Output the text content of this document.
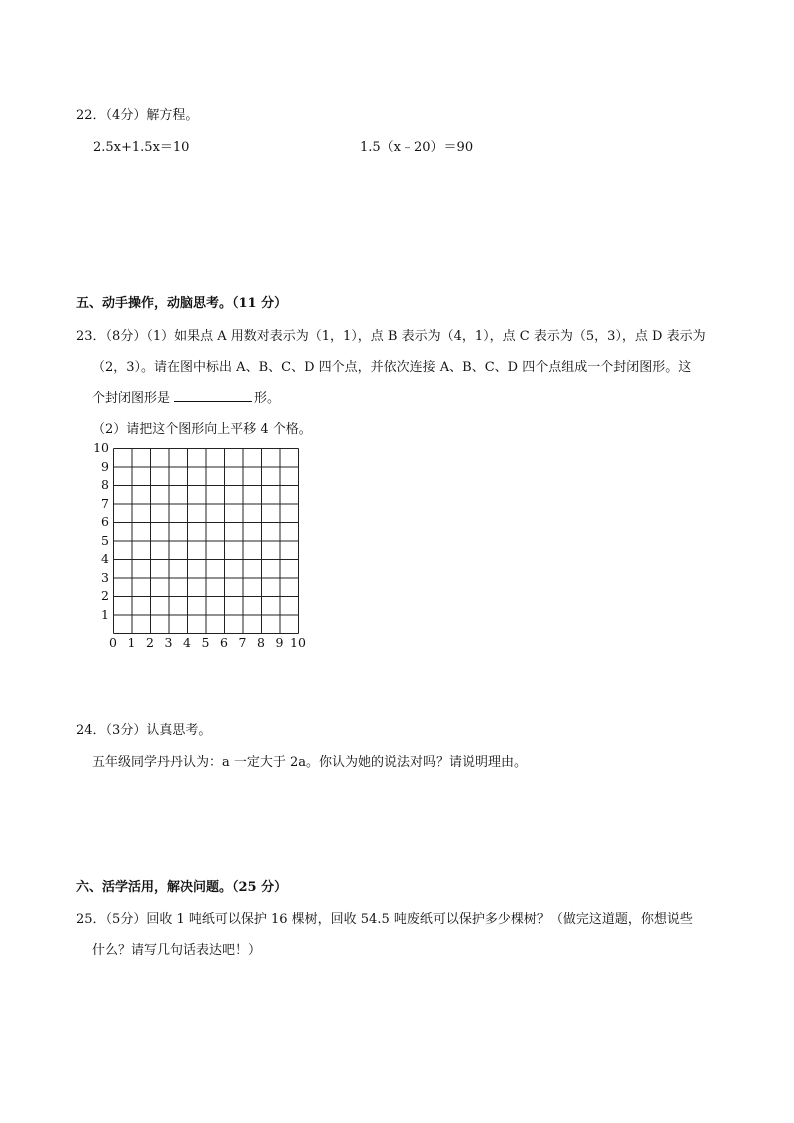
22．（4分）解方程。
2.5x+1.5x＝10	1.5（x﹣20）＝90
五、动手操作，动脑思考。（11 分）
23．（8分）（1）如果点 A 用数对表示为（1，1），点 B 表示为（4，1），点 C 表示为（5，3），点 D 表示为
（2，3）。请在图中标出 A、B、C、D 四个点，并依次连接 A、B、C、D 四个点组成一个封闭图形。这
个封闭图形是	形。
（2）请把这个图形向上平移 4 个格。
10
9
8
7
6
5
4
3
2
1
0 1 2 3 4 5 6 7 8 9 10
24．（3分）认真思考。
五年级同学丹丹认为：a 一定大于 2a。你认为她的说法对吗？请说明理由。
六、活学活用，解决问题。（25 分）
25．（5分）回收 1 吨纸可以保护 16 棵树，回收 54.5 吨废纸可以保护多少棵树？（做完这道题，你想说些
什么？请写几句话表达吧！）
